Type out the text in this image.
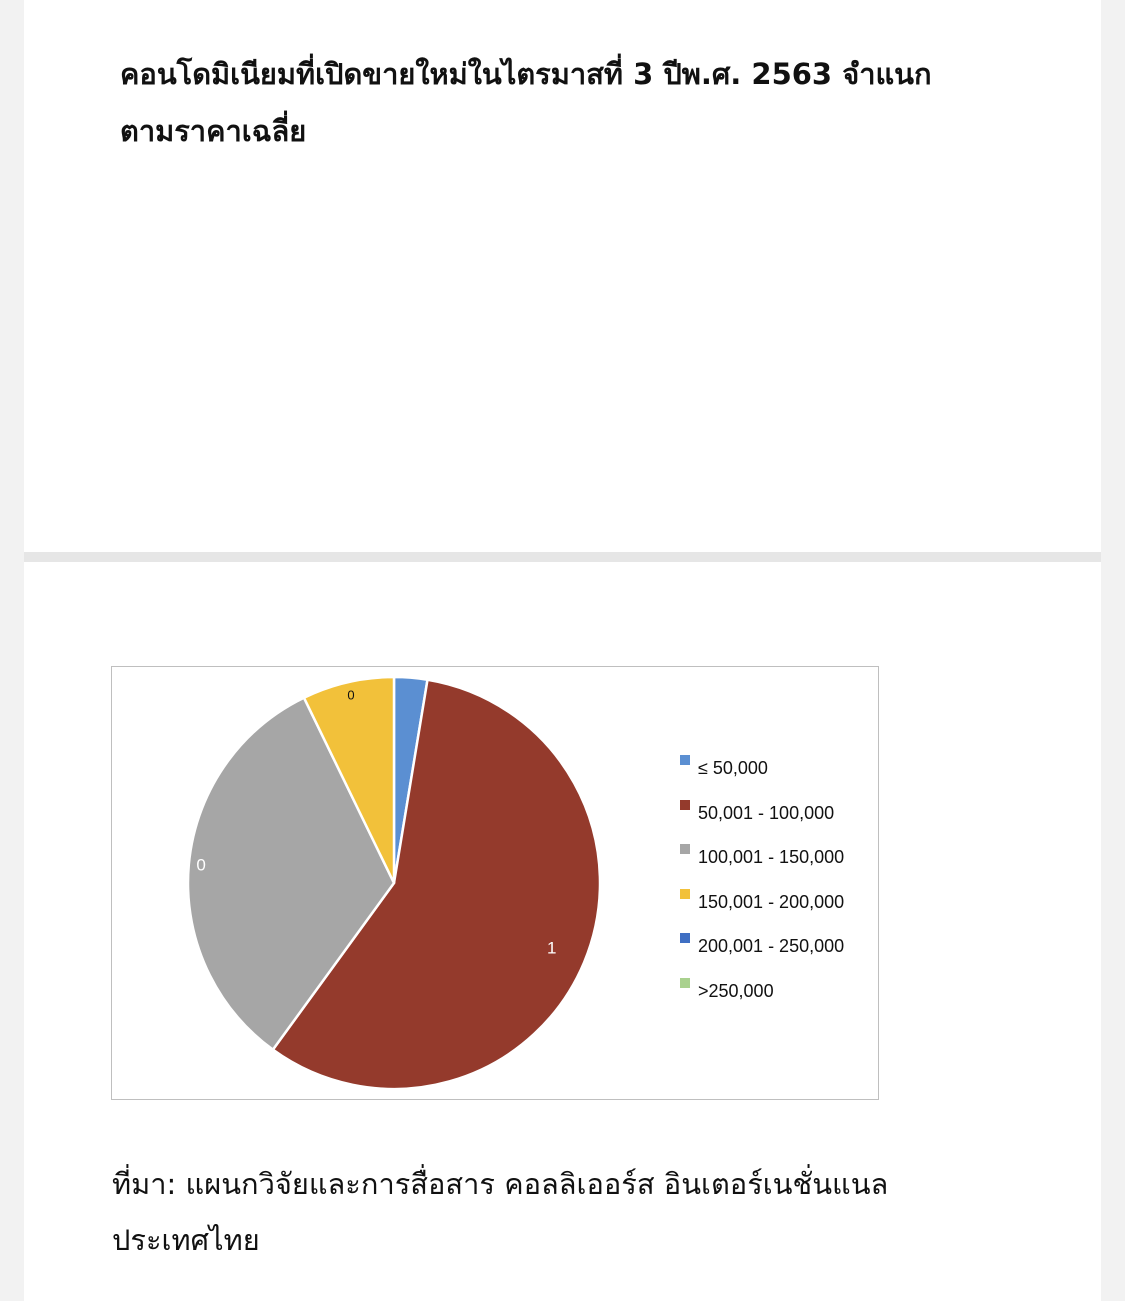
คอนโดมิเนียมที่เปิดขายใหม่ในไตรมาสที่ 3 ปีพ.ศ. 2563 จำแนกตามราคาเฉลี่ย

1
0
0
≤ 50,000
50,001 - 100,000
100,001 - 150,000
150,001 - 200,000
200,001 - 250,000
>250,000

ที่มา: แผนกวิจัยและการสื่อสาร คอลลิเออร์ส อินเตอร์เนชั่นแนล ประเทศไทย
